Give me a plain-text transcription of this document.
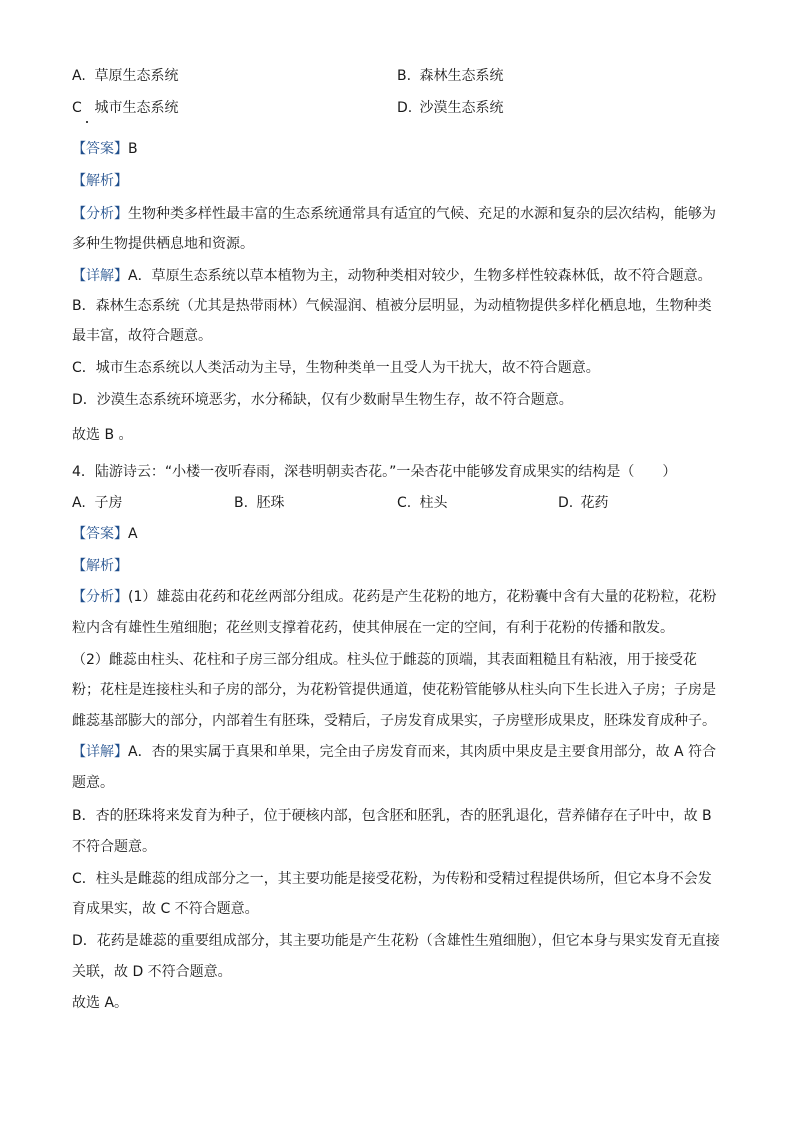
A. 草原生态系统	B. 森林生态系统
C 城市生态系统	D. 沙漠生态系统
【答案】B
【解析】
【分析】生物种类多样性最丰富的生态系统通常具有适宜的气候、充足的水源和复杂的层次结构，能够为
多种生物提供栖息地和资源。
【详解】A．草原生态系统以草本植物为主，动物种类相对较少，生物多样性较森林低，故不符合题意。
B．森林生态系统（尤其是热带雨林）气候湿润、植被分层明显，为动植物提供多样化栖息地，生物种类
最丰富，故符合题意。
C．城市生态系统以人类活动为主导，生物种类单一且受人为干扰大，故不符合题意。
D．沙漠生态系统环境恶劣，水分稀缺，仅有少数耐旱生物生存，故不符合题意。
故选 B 。
4．陆游诗云：“小楼一夜听春雨，深巷明朝卖杏花。”一朵杏花中能够发育成果实的结构是（　　）
A. 子房	B. 胚珠	C. 柱头	D. 花药
【答案】A
【解析】
【分析】(1）雄蕊由花药和花丝两部分组成。花药是产生花粉的地方，花粉囊中含有大量的花粉粒，花粉
粒内含有雄性生殖细胞；花丝则支撑着花药，使其伸展在一定的空间，有利于花粉的传播和散发。
（2）雌蕊由柱头、花柱和子房三部分组成。柱头位于雌蕊的顶端，其表面粗糙且有粘液，用于接受花
粉；花柱是连接柱头和子房的部分，为花粉管提供通道，使花粉管能够从柱头向下生长进入子房；子房是
雌蕊基部膨大的部分，内部着生有胚珠，受精后，子房发育成果实，子房壁形成果皮，胚珠发育成种子。
【详解】A．杏的果实属于真果和单果，完全由子房发育而来，其肉质中果皮是主要食用部分，故 A 符合
题意。
B．杏的胚珠将来发育为种子，位于硬核内部，包含胚和胚乳，杏的胚乳退化，营养储存在子叶中，故 B
不符合题意。
C．柱头是雌蕊的组成部分之一，其主要功能是接受花粉，为传粉和受精过程提供场所，但它本身不会发
育成果实，故 C 不符合题意。
D．花药是雄蕊的重要组成部分，其主要功能是产生花粉（含雄性生殖细胞），但它本身与果实发育无直接
关联，故 D 不符合题意。
故选 A。
